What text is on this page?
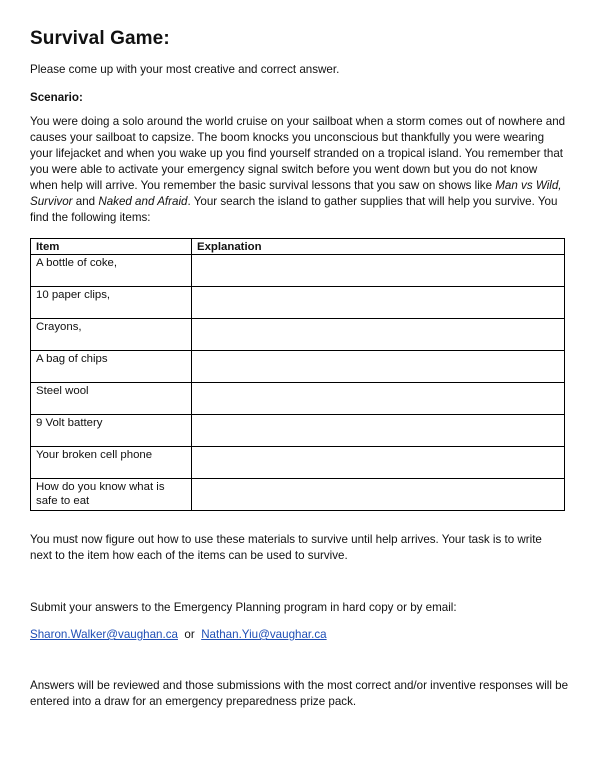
Survival Game:

Please come up with your most creative and correct answer.

Scenario:

You were doing a solo around the world cruise on your sailboat when a storm comes out of nowhere and causes your sailboat to capsize. The boom knocks you unconscious but thankfully you were wearing your lifejacket and when you wake up you find yourself stranded on a tropical island. You remember that you were able to activate your emergency signal switch before you went down but you do not know when help will arrive. You remember the basic survival lessons that you saw on shows like Man vs Wild, Survivor and Naked and Afraid. Your search the island to gather supplies that will help you survive. You find the following items:

Item	Explanation
A bottle of coke,	
10 paper clips,	
Crayons,	
A bag of chips	
Steel wool	
9 Volt battery	
Your broken cell phone	
How do you know what is safe to eat	

You must now figure out how to use these materials to survive until help arrives. Your task is to write next to the item how each of the items can be used to survive.

Submit your answers to the Emergency Planning program in hard copy or by email:

Sharon.Walker@vaughan.ca or Nathan.Yiu@vaughar.ca

Answers will be reviewed and those submissions with the most correct and/or inventive responses will be entered into a draw for an emergency preparedness prize pack.
